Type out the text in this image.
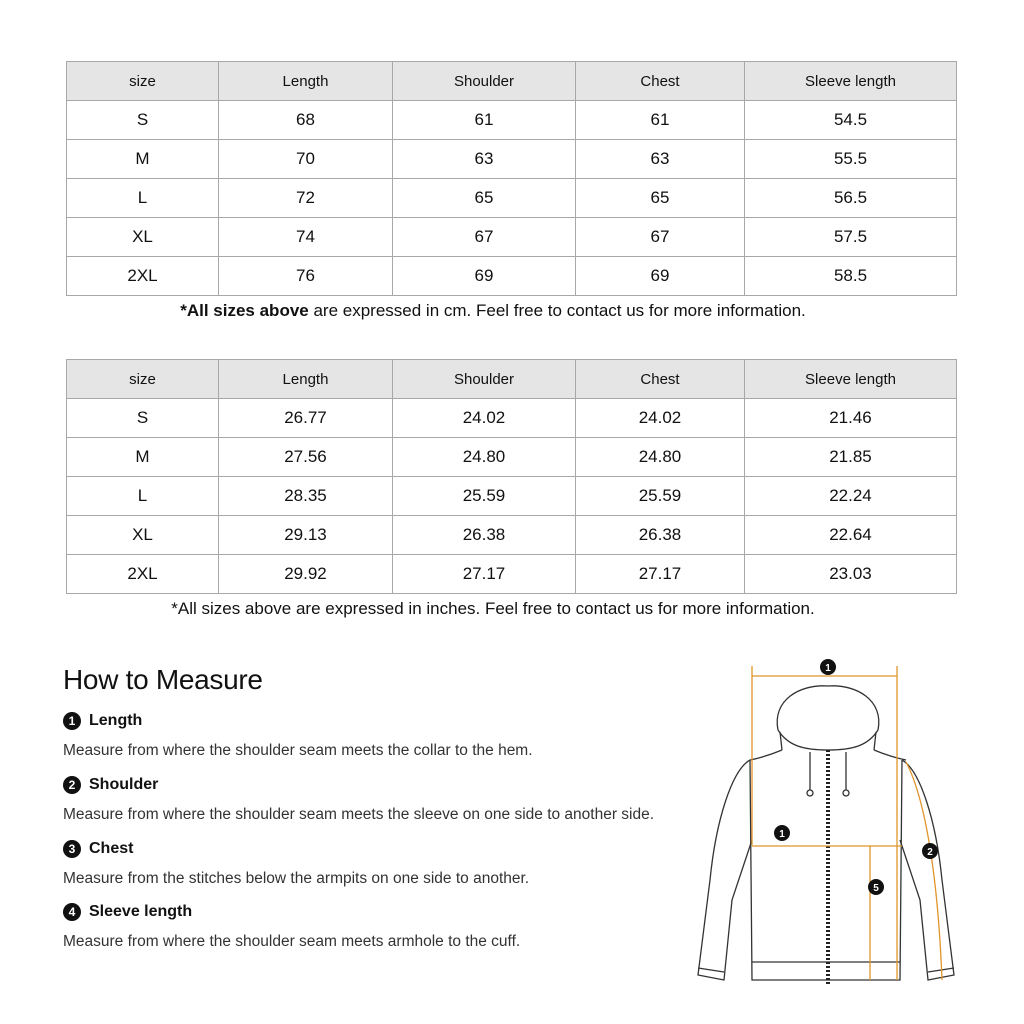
size	Length	Shoulder	Chest	Sleeve length
S	68	61	61	54.5
M	70	63	63	55.5
L	72	65	65	56.5
XL	74	67	67	57.5
2XL	76	69	69	58.5
*All sizes above are expressed in cm. Feel free to contact us for more information.
size	Length	Shoulder	Chest	Sleeve length
S	26.77	24.02	24.02	21.46
M	27.56	24.80	24.80	21.85
L	28.35	25.59	25.59	22.24
XL	29.13	26.38	26.38	22.64
2XL	29.92	27.17	27.17	23.03
*All sizes above are expressed in inches. Feel free to contact us for more information.
How to Measure
1 Length
Measure from where the shoulder seam meets the collar to the hem.
2 Shoulder
Measure from where the shoulder seam meets the sleeve on one side to another side.
3 Chest
Measure from the stitches below the armpits on one side to another.
4 Sleeve length
Measure from where the shoulder seam meets armhole to the cuff.
1
1
2
5
